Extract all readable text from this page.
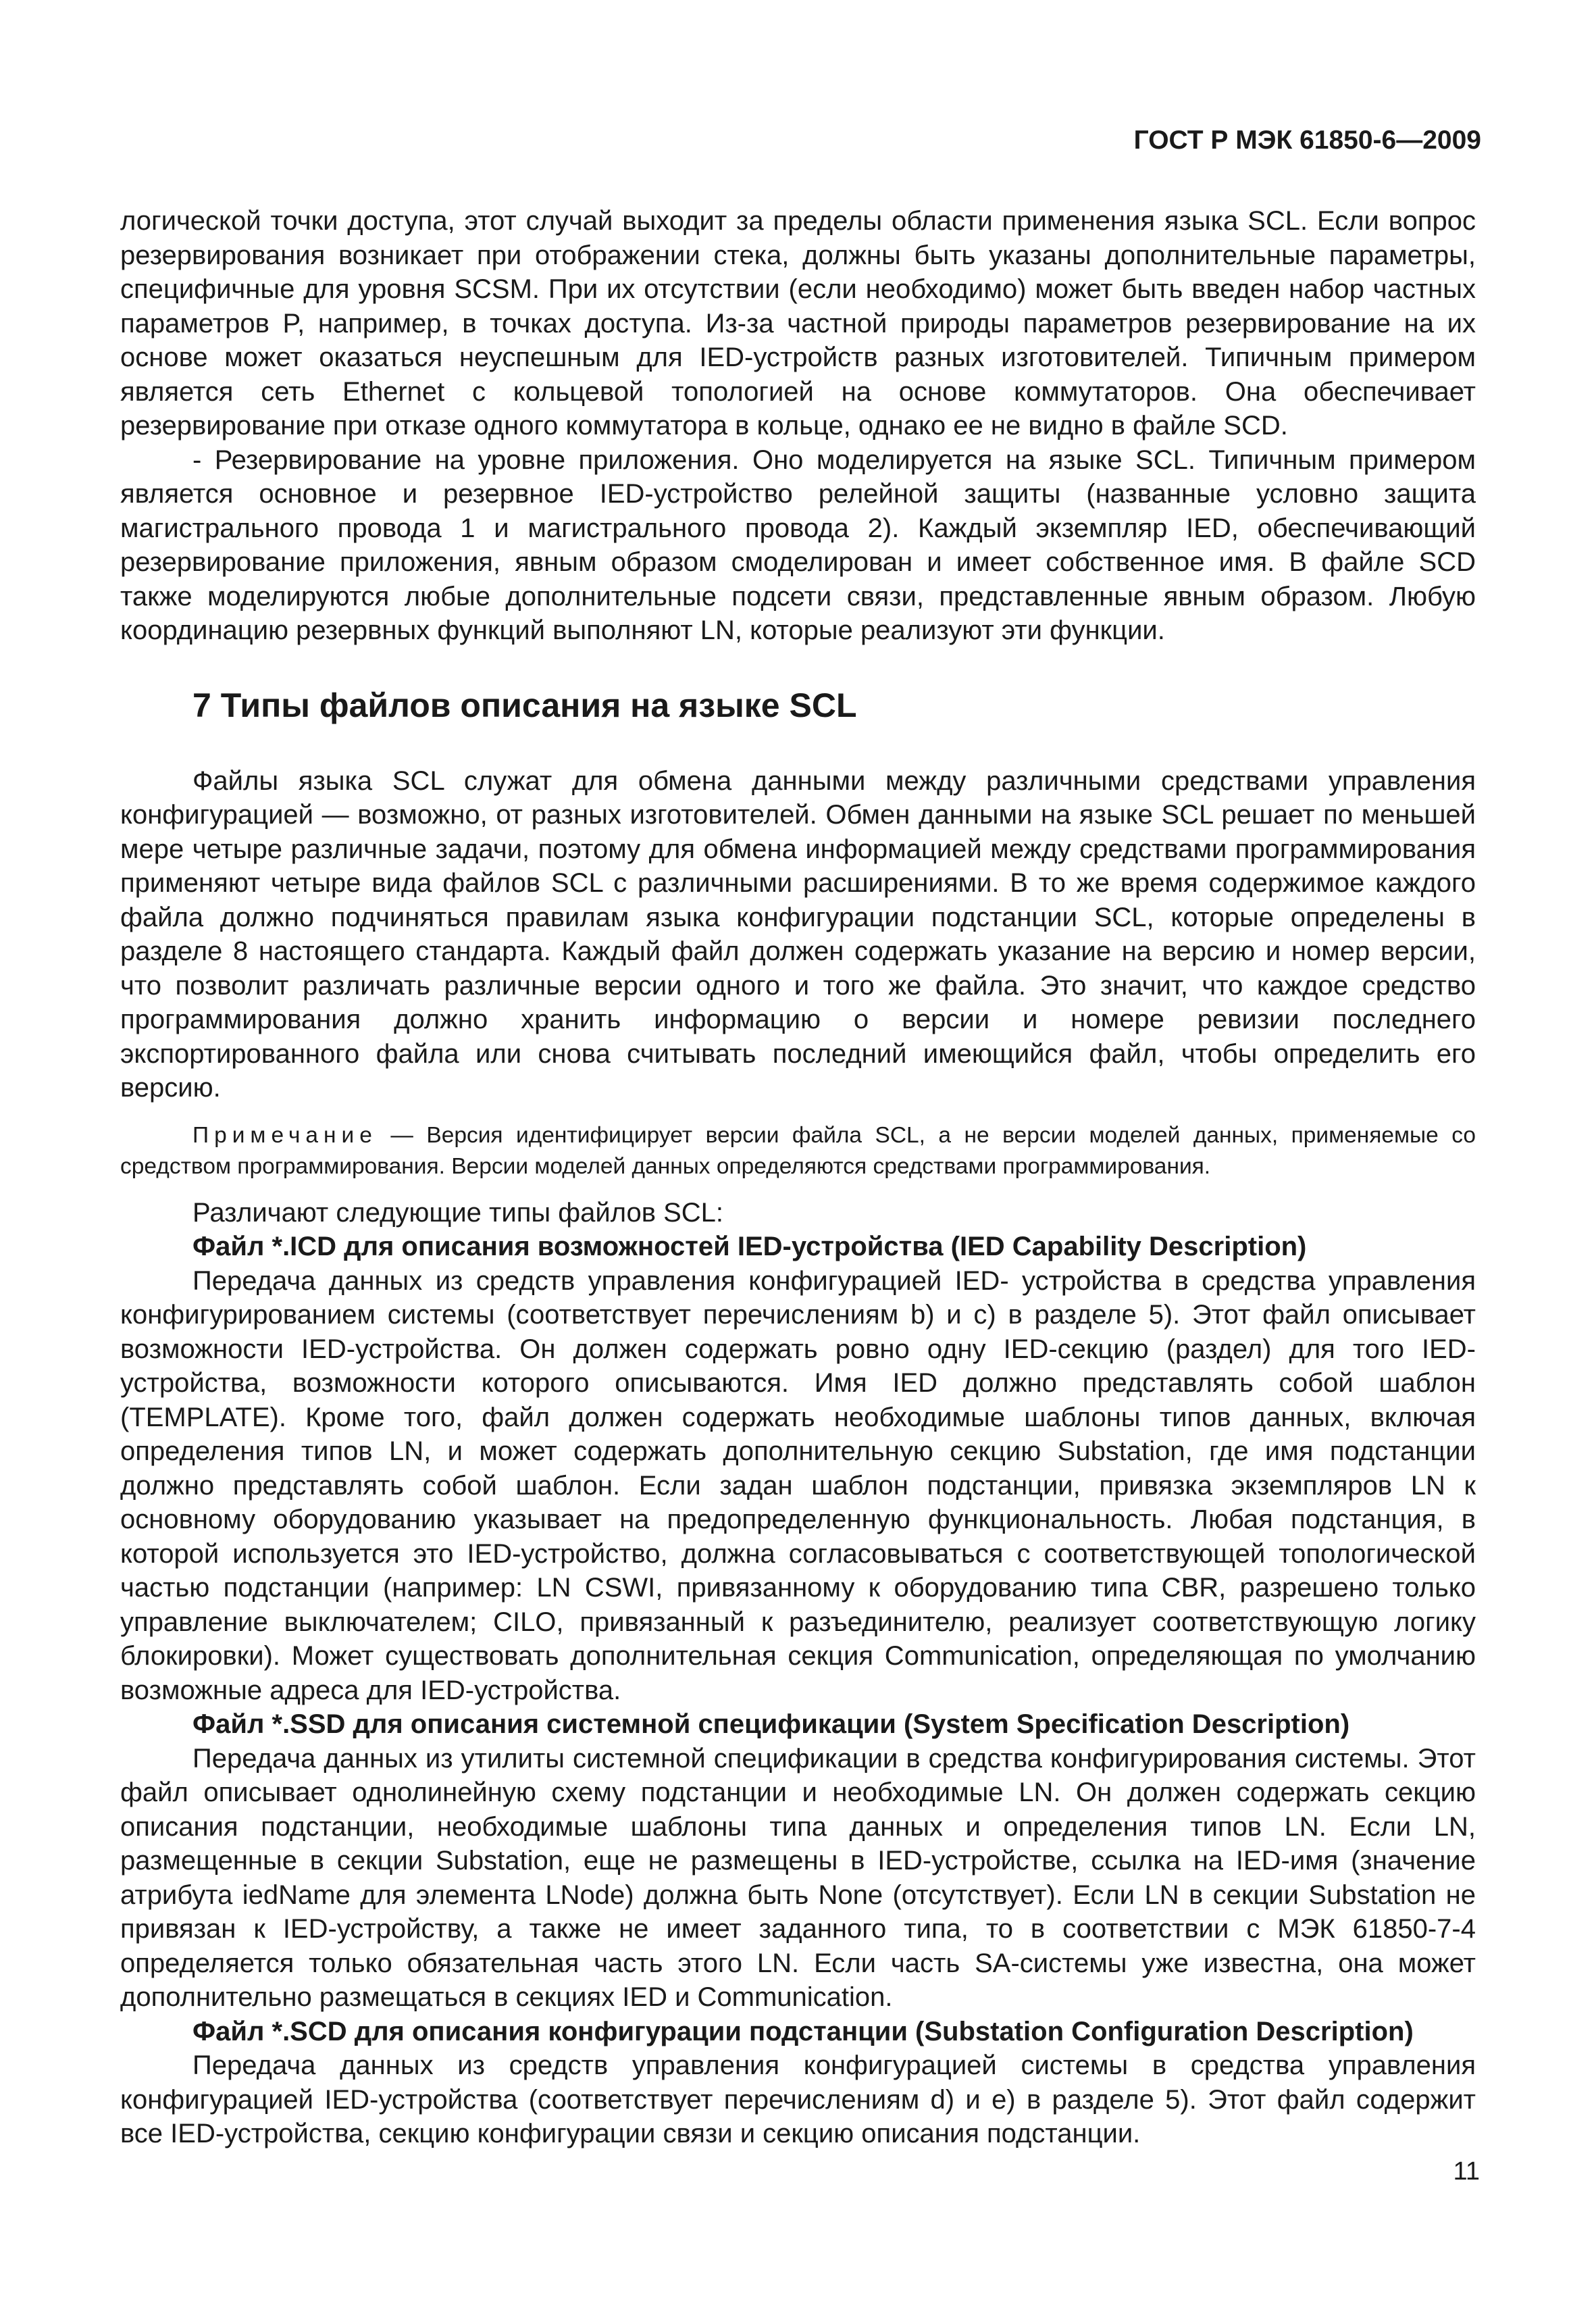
ГОСТ Р МЭК 61850-6—2009

логической точки доступа, этот случай выходит за пределы области применения языка SCL. Если вопрос резервирования возникает при отображении стека, должны быть указаны дополнительные параметры, специфичные для уровня SCSM. При их отсутствии (если необходимо) может быть введен набор частных параметров P, например, в точках доступа. Из-за частной природы параметров резервирование на их основе может оказаться неуспешным для IED-устройств разных изготовителей. Типичным примером является сеть Ethernet с кольцевой топологией на основе коммутаторов. Она обеспечивает резервирование при отказе одного коммутатора в кольце, однако ее не видно в файле SCD.

- Резервирование на уровне приложения. Оно моделируется на языке SCL. Типичным примером является основное и резервное IED-устройство релейной защиты (названные условно защита магистрального провода 1 и магистрального провода 2). Каждый экземпляр IED, обеспечивающий резервирование приложения, явным образом смоделирован и имеет собственное имя. В файле SCD также моделируются любые дополнительные подсети связи, представленные явным образом. Любую координацию резервных функций выполняют LN, которые реализуют эти функции.

7 Типы файлов описания на языке SCL

Файлы языка SCL служат для обмена данными между различными средствами управления конфигурацией — возможно, от разных изготовителей. Обмен данными на языке SCL решает по меньшей мере четыре различные задачи, поэтому для обмена информацией между средствами программирования применяют четыре вида файлов SCL с различными расширениями. В то же время содержимое каждого файла должно подчиняться правилам языка конфигурации подстанции SCL, которые определены в разделе 8 настоящего стандарта. Каждый файл должен содержать указание на версию и номер версии, что позволит различать различные версии одного и того же файла. Это значит, что каждое средство программирования должно хранить информацию о версии и номере ревизии последнего экспортированного файла или снова считывать последний имеющийся файл, чтобы определить его версию.

Примечание — Версия идентифицирует версии файла SCL, а не версии моделей данных, применяемые со средством программирования. Версии моделей данных определяются средствами программирования.

Различают следующие типы файлов SCL:

Файл *.ICD для описания возможностей IED-устройства (IED Capability Description)

Передача данных из средств управления конфигурацией IED- устройства в средства управления конфигурированием системы (соответствует перечислениям b) и c) в разделе 5). Этот файл описывает возможности IED-устройства. Он должен содержать ровно одну IED-секцию (раздел) для того IED-устройства, возможности которого описываются. Имя IED должно представлять собой шаблон (TEMPLATE). Кроме того, файл должен содержать необходимые шаблоны типов данных, включая определения типов LN, и может содержать дополнительную секцию Substation, где имя подстанции должно представлять собой шаблон. Если задан шаблон подстанции, привязка экземпляров LN к основному оборудованию указывает на предопределенную функциональность. Любая подстанция, в которой используется это IED-устройство, должна согласовываться с соответствующей топологической частью подстанции (например: LN CSWI, привязанному к оборудованию типа CBR, разрешено только управление выключателем; CILO, привязанный к разъединителю, реализует соответствующую логику блокировки). Может существовать дополнительная секция Communication, определяющая по умолчанию возможные адреса для IED-устройства.

Файл *.SSD для описания системной спецификации (System Specification Description)

Передача данных из утилиты системной спецификации в средства конфигурирования системы. Этот файл описывает однолинейную схему подстанции и необходимые LN. Он должен содержать секцию описания подстанции, необходимые шаблоны типа данных и определения типов LN. Если LN, размещенные в секции Substation, еще не размещены в IED-устройстве, ссылка на IED-имя (значение атрибута iedName для элемента LNode) должна быть None (отсутствует). Если LN в секции Substation не привязан к IED-устройству, а также не имеет заданного типа, то в соответствии с МЭК 61850-7-4 определяется только обязательная часть этого LN. Если часть SA-системы уже известна, она может дополнительно размещаться в секциях IED и Communication.

Файл *.SCD для описания конфигурации подстанции (Substation Configuration Description)

Передача данных из средств управления конфигурацией системы в средства управления конфигурацией IED-устройства (соответствует перечислениям d) и e) в разделе 5). Этот файл содержит все IED-устройства, секцию конфигурации связи и секцию описания подстанции.

11
